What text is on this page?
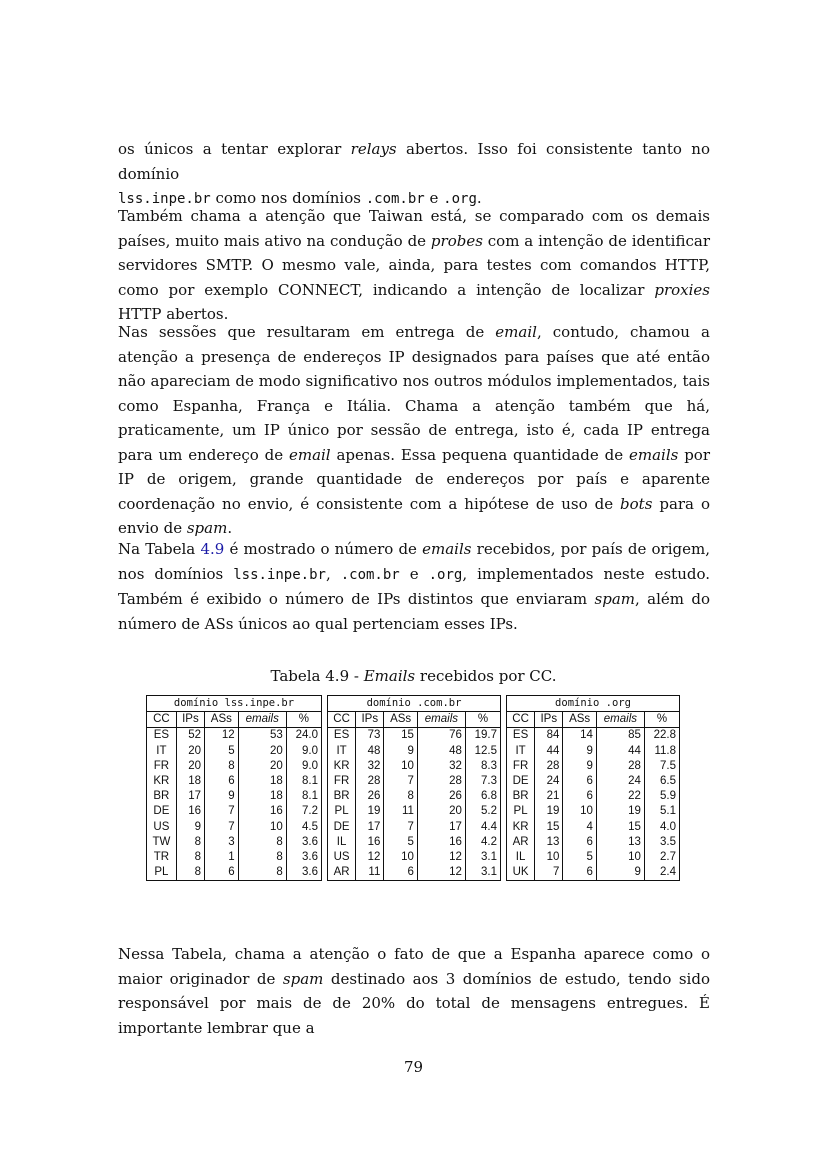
os únicos a tentar explorar relays abertos. Isso foi consistente tanto no domínio
lss.inpe.br como nos domínios .com.br e .org.
Também chama a atenção que Taiwan está, se comparado com os demais países, muito mais ativo na condução de probes com a intenção de identificar servidores SMTP. O mesmo vale, ainda, para testes com comandos HTTP, como por exemplo CONNECT, indicando a intenção de localizar proxies HTTP abertos.
Nas sessões que resultaram em entrega de email, contudo, chamou a atenção a presença de endereços IP designados para países que até então não apareciam de modo significativo nos outros módulos implementados, tais como Espanha, França e Itália. Chama a atenção também que há, praticamente, um IP único por sessão de entrega, isto é, cada IP entrega para um endereço de email apenas. Essa pequena quantidade de emails por IP de origem, grande quantidade de endereços por país e aparente coordenação no envio, é consistente com a hipótese de uso de bots para o envio de spam.
Na Tabela 4.9 é mostrado o número de emails recebidos, por país de origem, nos domínios lss.inpe.br, .com.br e .org, implementados neste estudo. Também é exibido o número de IPs distintos que enviaram spam, além do número de ASs únicos ao qual pertenciam esses IPs.
Tabela 4.9 - Emails recebidos por CC.
domínio lss.inpe.br				
CC	IPs	ASs	emails	%
ES	52	12	53	24.0
IT	20	5	20	9.0
FR	20	8	20	9.0
KR	18	6	18	8.1
BR	17	9	18	8.1
DE	16	7	16	7.2
US	9	7	10	4.5
TW	8	3	8	3.6
TR	8	1	8	3.6
PL	8	6	8	3.6
domínio .com.br				
CC	IPs	ASs	emails	%
ES	73	15	76	19.7
IT	48	9	48	12.5
KR	32	10	32	8.3
FR	28	7	28	7.3
BR	26	8	26	6.8
PL	19	11	20	5.2
DE	17	7	17	4.4
IL	16	5	16	4.2
US	12	10	12	3.1
AR	11	6	12	3.1
domínio .org				
CC	IPs	ASs	emails	%
ES	84	14	85	22.8
IT	44	9	44	11.8
FR	28	9	28	7.5
DE	24	6	24	6.5
BR	21	6	22	5.9
PL	19	10	19	5.1
KR	15	4	15	4.0
AR	13	6	13	3.5
IL	10	5	10	2.7
UK	7	6	9	2.4
Nessa Tabela, chama a atenção o fato de que a Espanha aparece como o maior originador de spam destinado aos 3 domínios de estudo, tendo sido responsável por mais de de 20% do total de mensagens entregues. É importante lembrar que a
79
